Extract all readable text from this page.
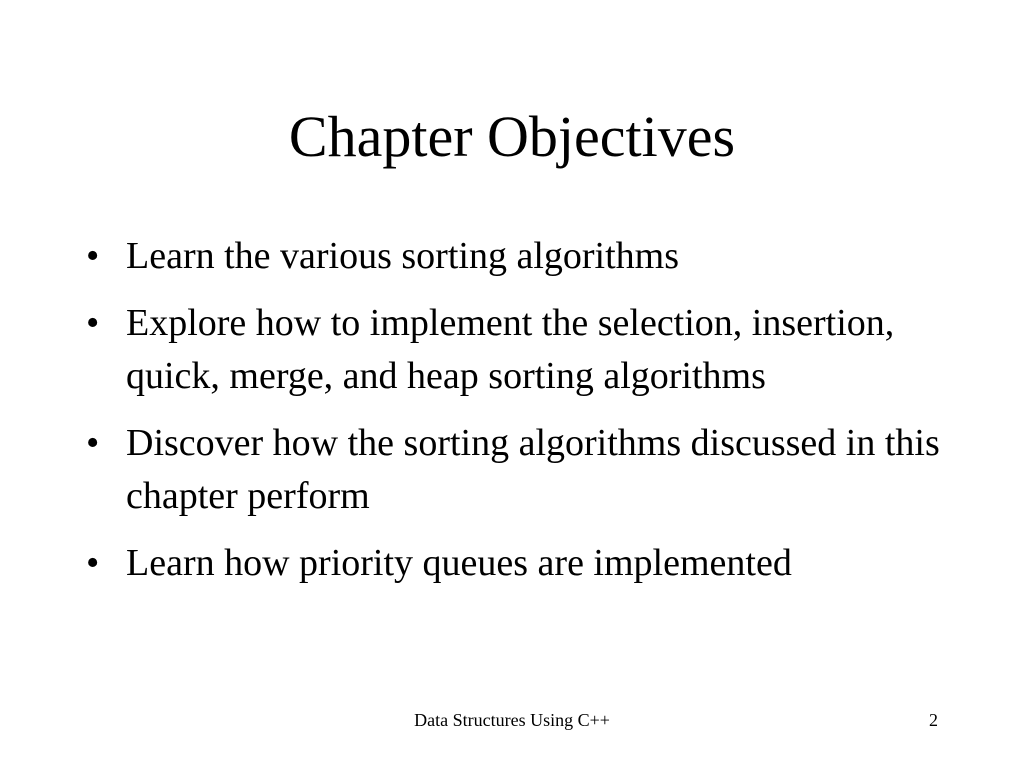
Chapter Objectives
• Learn the various sorting algorithms
• Explore how to implement the selection, insertion, quick, merge, and heap sorting algorithms
• Discover how the sorting algorithms discussed in this chapter perform
• Learn how priority queues are implemented

Data Structures Using C++	2
